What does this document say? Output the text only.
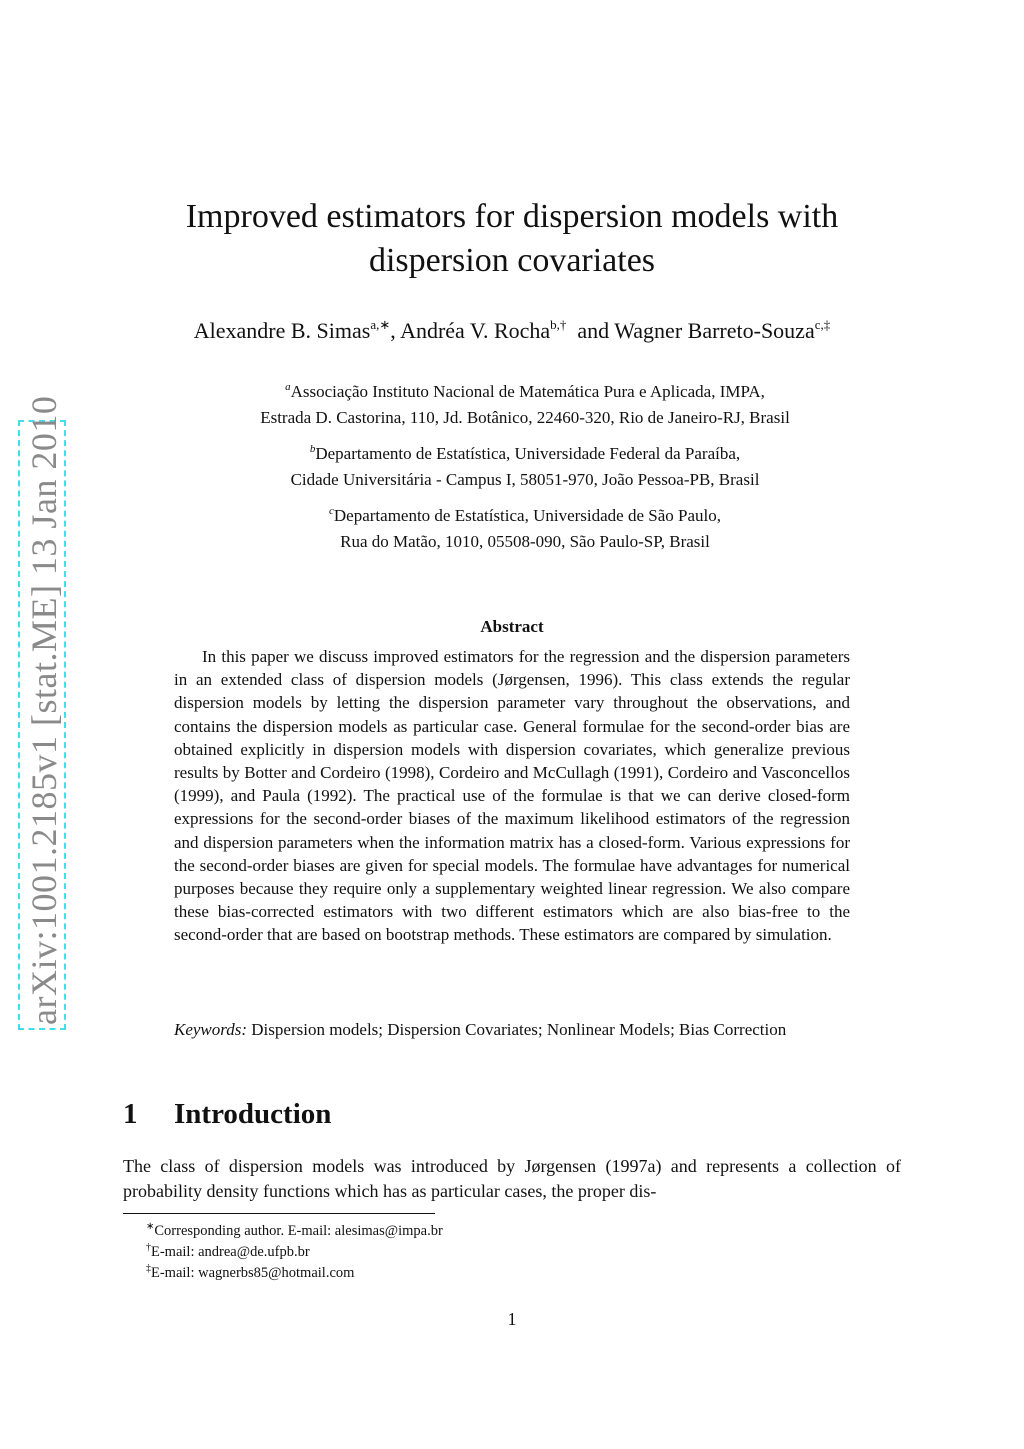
arXiv:1001.2185v1 [stat.ME] 13 Jan 2010
Improved estimators for dispersion models with
dispersion covariates
Alexandre B. Simas$^{a,∗}$, Andréa V. Rocha$^{b,\dagger}$ and Wagner Barreto-Souza$^{c,\ddagger}$
$^a$Associação Instituto Nacional de Matemática Pura e Aplicada, IMPA,
Estrada D. Castorina, 110, Jd. Botânico, 22460-320, Rio de Janeiro-RJ, Brasil
$^b$Departamento de Estatística, Universidade Federal da Paraíba,
Cidade Universitária - Campus I, 58051-970, João Pessoa-PB, Brasil
$^c$Departamento de Estatística, Universidade de São Paulo,
Rua do Matão, 1010, 05508-090, São Paulo-SP, Brasil
Abstract

In this paper we discuss improved estimators for the regression and the dispersion parameters in an extended class of dispersion models (Jørgensen, 1996). This class extends the regular dispersion models by letting the dispersion parameter vary throughout the observations, and contains the dispersion models as particular case. General formulae for the second-order bias are obtained explicitly in dispersion models with dispersion covariates, which generalize previous results by Botter and Cordeiro (1998), Cordeiro and McCullagh (1991), Cordeiro and Vasconcellos (1999), and Paula (1992). The practical use of the formulae is that we can derive closed-form expressions for the second-order biases of the maximum likelihood estimators of the regression and dispersion parameters when the information matrix has a closed-form. Various expressions for the second-order biases are given for special models. The formulae have advantages for numerical purposes because they require only a supplementary weighted linear regression. We also compare these bias-corrected estimators with two different estimators which are also bias-free to the second-order that are based on bootstrap methods. These estimators are compared by simulation.

Keywords: Dispersion models; Dispersion Covariates; Nonlinear Models; Bias Correction
1 Introduction
The class of dispersion models was introduced by Jørgensen (1997a) and represents a collection of probability density functions which has as particular cases, the proper dis-
∗Corresponding author. E-mail: alesimas@impa.br
†E-mail: andrea@de.ufpb.br
‡E-mail: wagnerbs85@hotmail.com
1
